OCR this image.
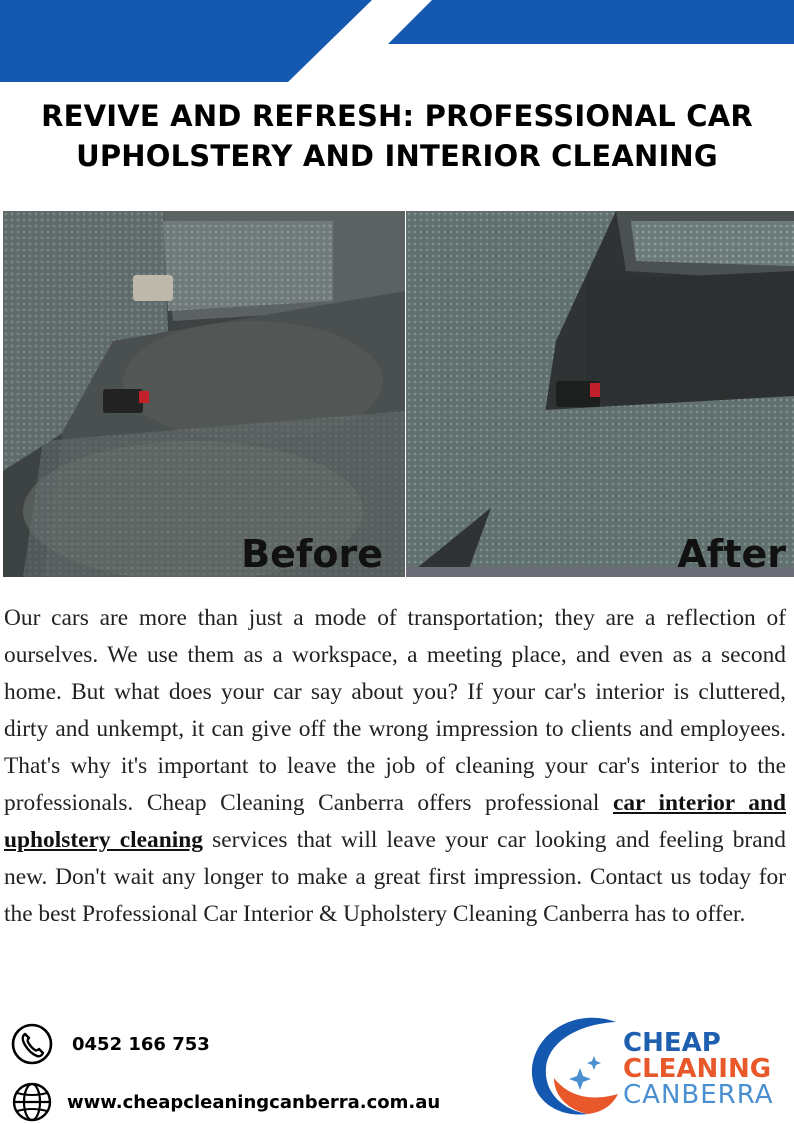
REVIVE AND REFRESH: PROFESSIONAL CAR
UPHOLSTERY AND INTERIOR CLEANING
Before	After

Our cars are more than just a mode of transportation; they are a reflection of ourselves. We use them as a workspace, a meeting place, and even as a second home. But what does your car say about you? If your car's interior is cluttered, dirty and unkempt, it can give off the wrong impression to clients and employees. That's why it's important to leave the job of cleaning your car's interior to the professionals. Cheap Cleaning Canberra offers professional car interior and upholstery cleaning services that will leave your car looking and feeling brand new. Don't wait any longer to make a great first impression. Contact us today for the best Professional Car Interior & Upholstery Cleaning Canberra has to offer.

0452 166 753
www.cheapcleaningcanberra.com.au
CHEAP
CLEANING
CANBERRA
